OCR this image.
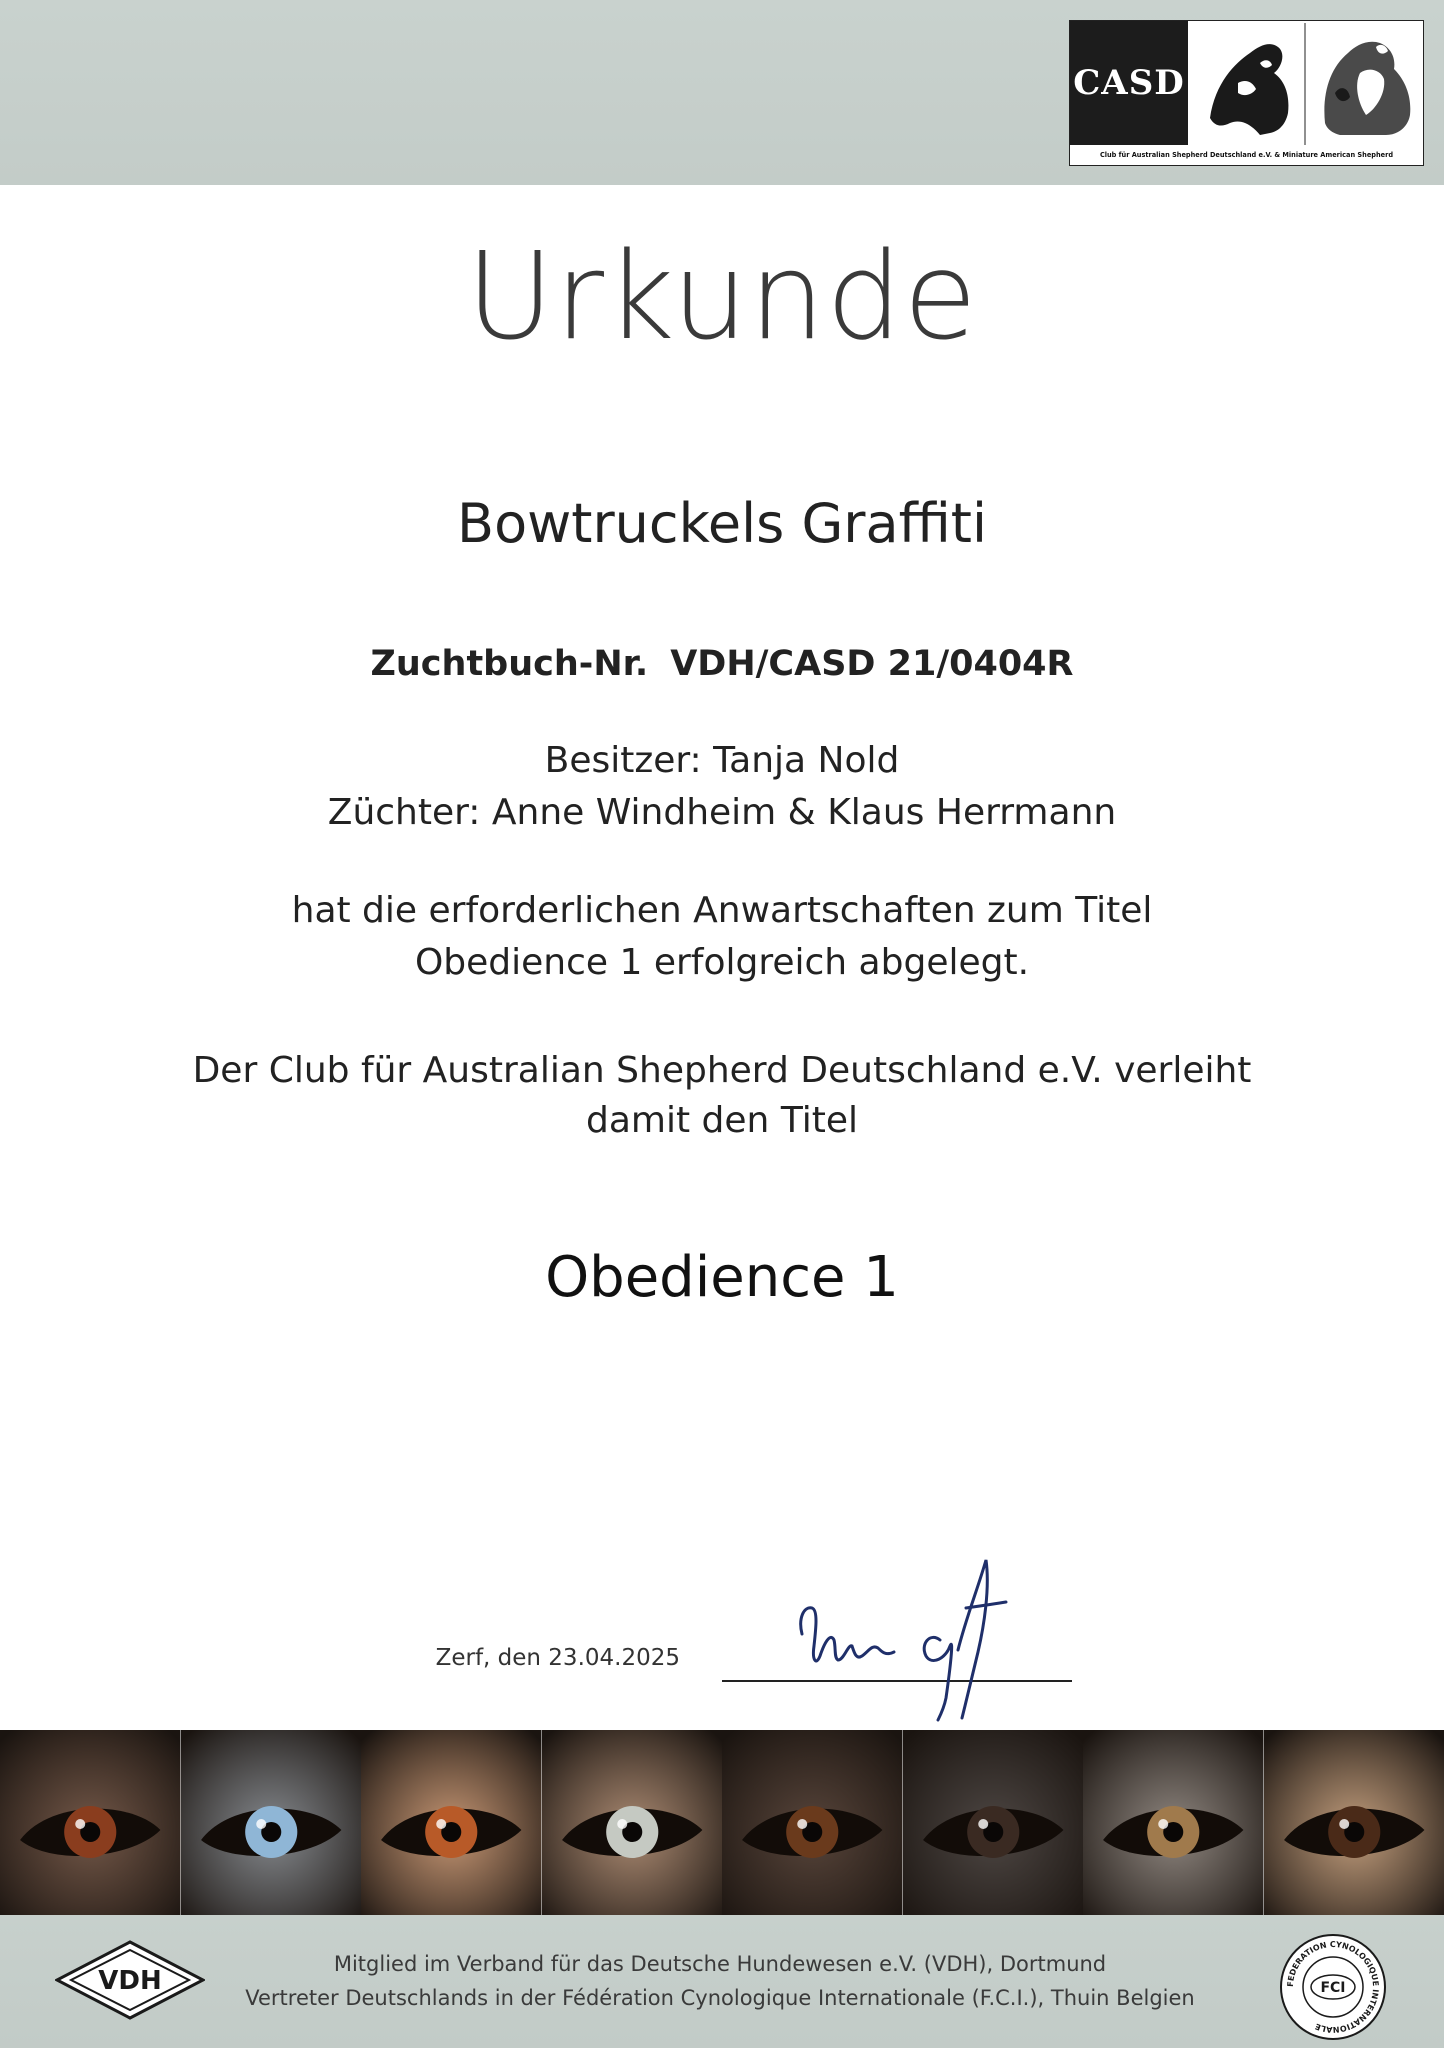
CASD
Club für Australian Shepherd Deutschland e.V. & Miniature American Shepherd
Urkunde
Bowtruckels Graffiti
Zuchtbuch-Nr. VDH/CASD 21/0404R
Besitzer: Tanja Nold
Züchter: Anne Windheim & Klaus Herrmann
hat die erforderlichen Anwartschaften zum Titel
Obedience 1 erfolgreich abgelegt.
Der Club für Australian Shepherd Deutschland e.V. verleiht
damit den Titel
Obedience 1
Zerf, den 23.04.2025
VDH
Mitglied im Verband für das Deutsche Hundewesen e.V. (VDH), Dortmund
Vertreter Deutschlands in der Fédération Cynologique Internationale (F.C.I.), Thuin Belgien
FEDERATION CYNOLOGIQUE INTERNATIONALE
FCI
